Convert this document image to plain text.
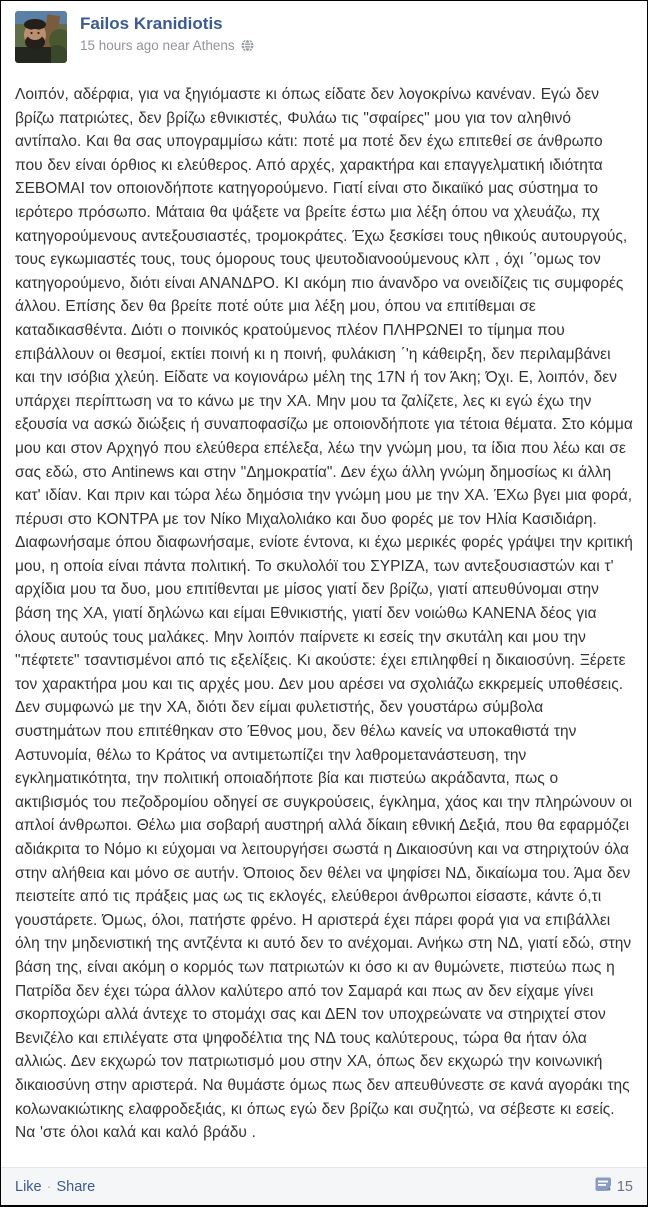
Failos Kranidiotis
15 hours ago near Athens
Λοιπόν, αδέρφια, για να ξηγιόμαστε κι όπως είδατε δεν λογοκρίνω κανέναν. Εγώ δεν βρίζω πατριώτες, δεν βρίζω εθνικιστές, Φυλάω τις "σφαίρες" μου για τον αληθινό αντίπαλο. Και θα σας υπογραμμίσω κάτι: ποτέ μα ποτέ δεν έχω επιτεθεί σε άνθρωπο που δεν είναι όρθιος κι ελεύθερος. Από αρχές, χαρακτήρα και επαγγελματική ιδιότητα ΣΕΒΟΜΑΙ τον οποιονδήποτε κατηγορούμενο. Γιατί είναι στο δικαιϊκό μας σύστημα το ιερότερο πρόσωπο. Μάταια θα ψάξετε να βρείτε έστω μια λέξη όπου να χλευάζω, πχ κατηγορούμενους αντεξουσιαστές, τρομοκράτες. Έχω ξεσκίσει τους ηθικούς αυτουργούς, τους εγκωμιαστές τους, τους όμορους τους ψευτοδιανοούμενους κλπ , όχι ΄'ομως τον κατηγορούμενο, διότι είναι ΑΝΑΝΔΡΟ. ΚΙ ακόμη πιο άνανδρο να ονειδίζεις τις συμφορές άλλου. Επίσης δεν θα βρείτε ποτέ ούτε μια λέξη μου, όπου να επιτίθεμαι σε καταδικασθέντα. Διότι ο ποινικός κρατούμενος πλέον ΠΛΗΡΩΝΕΙ το τίμημα που επιβάλλουν οι θεσμοί, εκτίει ποινή κι η ποινή, φυλάκιση ΄'η κάθειρξη, δεν περιλαμβάνει και την ισόβια χλεύη. Είδατε να κογιονάρω μέλη της 17Ν ή τον Άκη; Όχι. Ε, λοιπόν, δεν υπάρχει περίπτωση να το κάνω με την ΧΑ. Μην μου τα ζαλίζετε, λες κι εγώ έχω την εξουσία να ασκώ διώξεις ή συναποφασίζω με οποιονδήποτε για τέτοια θέματα. Στο κόμμα μου και στον Αρχηγό που ελεύθερα επέλεξα, λέω την γνώμη μου, τα ίδια που λέω και σε σας εδώ, στο Antinews και στην "Δημοκρατία". Δεν έχω άλλη γνώμη δημοσίως κι άλλη κατ' ιδίαν. Και πριν και τώρα λέω δημόσια την γνώμη μου με την ΧΑ. ΈΧω βγει μια φορά, πέρυσι στο ΚΟΝΤΡΑ με τον Νίκο Μιχαλολιάκο και δυο φορές με τον Ηλία Κασιδιάρη. Διαφωνήσαμε όπου διαφωνήσαμε, ενίοτε έντονα, κι έχω μερικές φορές γράψει την κριτική μου, η οποία είναι πάντα πολιτική. Το σκυλολόϊ του ΣΥΡΙΖΑ, των αντεξουσιαστών και τ' αρχίδια μου τα δυο, μου επιτίθενται με μίσος γιατί δεν βρίζω, γιατί απευθύνομαι στην βάση της ΧΑ, γιατί δηλώνω και είμαι Εθνικιστής, γιατί δεν νοιώθω ΚΑΝΕΝΑ δέος για όλους αυτούς τους μαλάκες. Μην λοιπόν παίρνετε κι εσείς την σκυτάλη και μου την "πέφτετε" τσαντισμένοι από τις εξελίξεις. Κι ακούστε: έχει επιληφθεί η δικαιοσύνη. Ξέρετε τον χαρακτήρα μου και τις αρχές μου. Δεν μου αρέσει να σχολιάζω εκκρεμείς υποθέσεις. Δεν συμφωνώ με την ΧΑ, διότι δεν είμαι φυλετιστής, δεν γουστάρω σύμβολα συστημάτων που επιτέθηκαν στο Έθνος μου, δεν θέλω κανείς να υποκαθιστά την Αστυνομία, θέλω το Κράτος να αντιμετωπίζει την λαθρομετανάστευση, την εγκληματικότητα, την πολιτική οποιαδήποτε βία και πιστεύω ακράδαντα, πως ο ακτιβισμός του πεζοδρομίου οδηγεί σε συγκρούσεις, έγκλημα, χάος και την πληρώνουν οι απλοί άνθρωποι. Θέλω μια σοβαρή αυστηρή αλλά δίκαιη εθνική Δεξιά, που θα εφαρμόζει αδιάκριτα το Νόμο κι εύχομαι να λειτουργήσει σωστά η Δικαιοσύνη και να στηριχτούν όλα στην αλήθεια και μόνο σε αυτήν. Όποιος δεν θέλει να ψηφίσει ΝΔ, δικαίωμα του. Άμα δεν πειστείτε από τις πράξεις μας ως τις εκλογές, ελεύθεροι άνθρωποι είσαστε, κάντε ό,τι γουστάρετε. Όμως, όλοι, πατήστε φρένο. Η αριστερά έχει πάρει φορά για να επιβάλλει όλη την μηδενιστική της αντζέντα κι αυτό δεν το ανέχομαι. Ανήκω στη ΝΔ, γιατί εδώ, στην βάση της, είναι ακόμη ο κορμός των πατριωτών κι όσο κι αν θυμώνετε, πιστεύω πως η Πατρίδα δεν έχει τώρα άλλον καλύτερο από τον Σαμαρά και πως αν δεν είχαμε γίνει σκορποχώρι αλλά άντεχε το στομάχι σας και ΔΕΝ τον υποχρεώνατε να στηριχτεί στον Βενιζέλο και επιλέγατε στα ψηφοδέλτια της ΝΔ τους καλύτερους, τώρα θα ήταν όλα αλλιώς. Δεν εκχωρώ τον πατριωτισμό μου στην ΧΑ, όπως δεν εκχωρώ την κοινωνική δικαιοσύνη στην αριστερά. Να θυμάστε όμως πως δεν απευθύνεστε σε κανά αγοράκι της κολωνακιώτικης ελαφροδεξιάς, κι όπως εγώ δεν βρίζω και συζητώ, να σέβεστε κι εσείς. Να 'στε όλοι καλά και καλό βράδυ .
Like · Share	15
